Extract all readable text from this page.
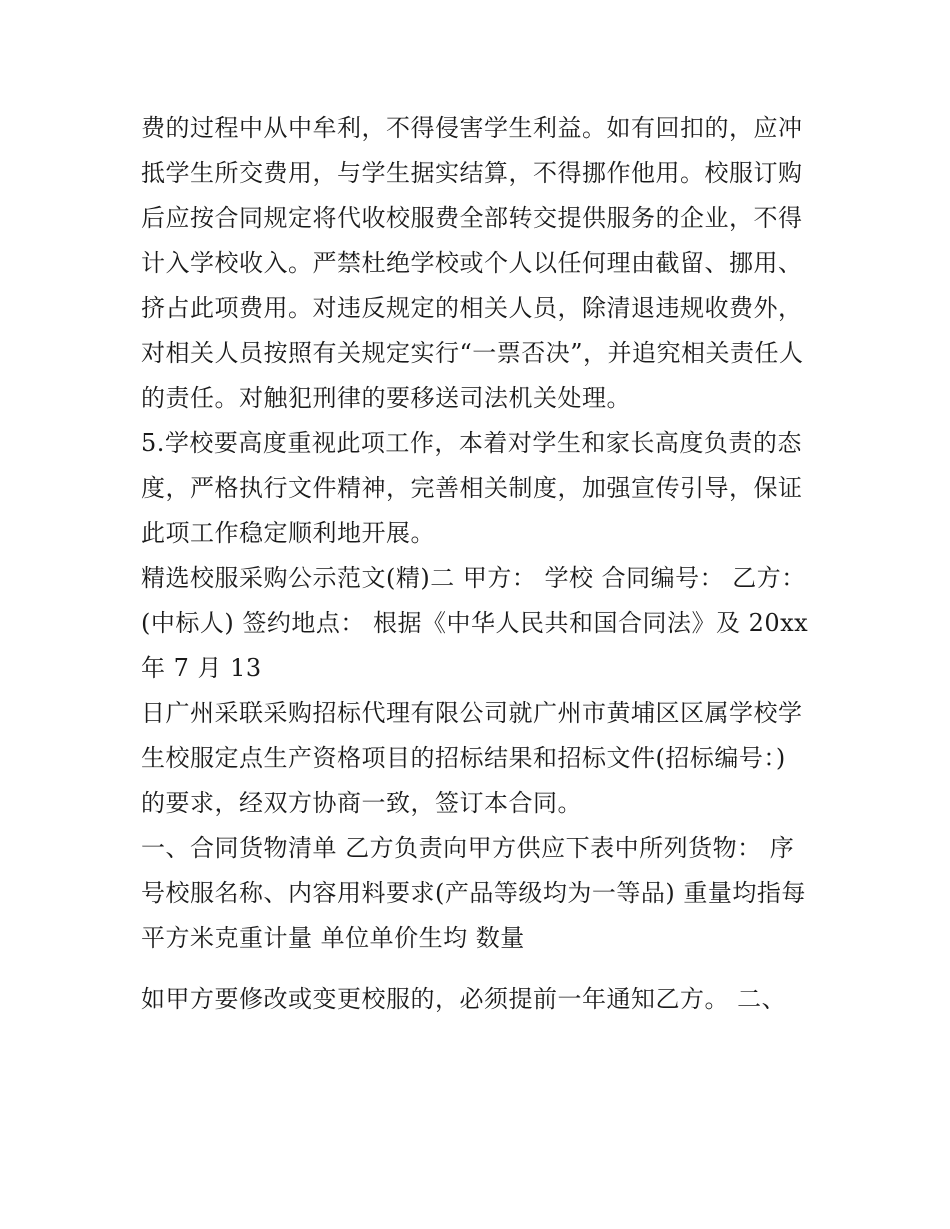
费的过程中从中牟利，不得侵害学生利益。如有回扣的，应冲
抵学生所交费用，与学生据实结算，不得挪作他用。校服订购
后应按合同规定将代收校服费全部转交提供服务的企业，不得
计入学校收入。严禁杜绝学校或个人以任何理由截留、挪用、
挤占此项费用。对违反规定的相关人员，除清退违规收费外，
对相关人员按照有关规定实行“一票否决”，并追究相关责任人
的责任。对触犯刑律的要移送司法机关处理。
5.学校要高度重视此项工作，本着对学生和家长高度负责的态
度，严格执行文件精神，完善相关制度，加强宣传引导，保证
此项工作稳定顺利地开展。
精选校服采购公示范文(精)二 甲方： 学校 合同编号： 乙方：
(中标人) 签约地点： 根据《中华人民共和国合同法》及 20xx
年 7 月 13
日广州采联采购招标代理有限公司就广州市黄埔区区属学校学
生校服定点生产资格项目的招标结果和招标文件(招标编号：)
的要求，经双方协商一致，签订本合同。
一、合同货物清单 乙方负责向甲方供应下表中所列货物： 序
号校服名称、内容用料要求(产品等级均为一等品) 重量均指每
平方米克重计量 单位单价生均 数量
如甲方要修改或变更校服的，必须提前一年通知乙方。 二、
